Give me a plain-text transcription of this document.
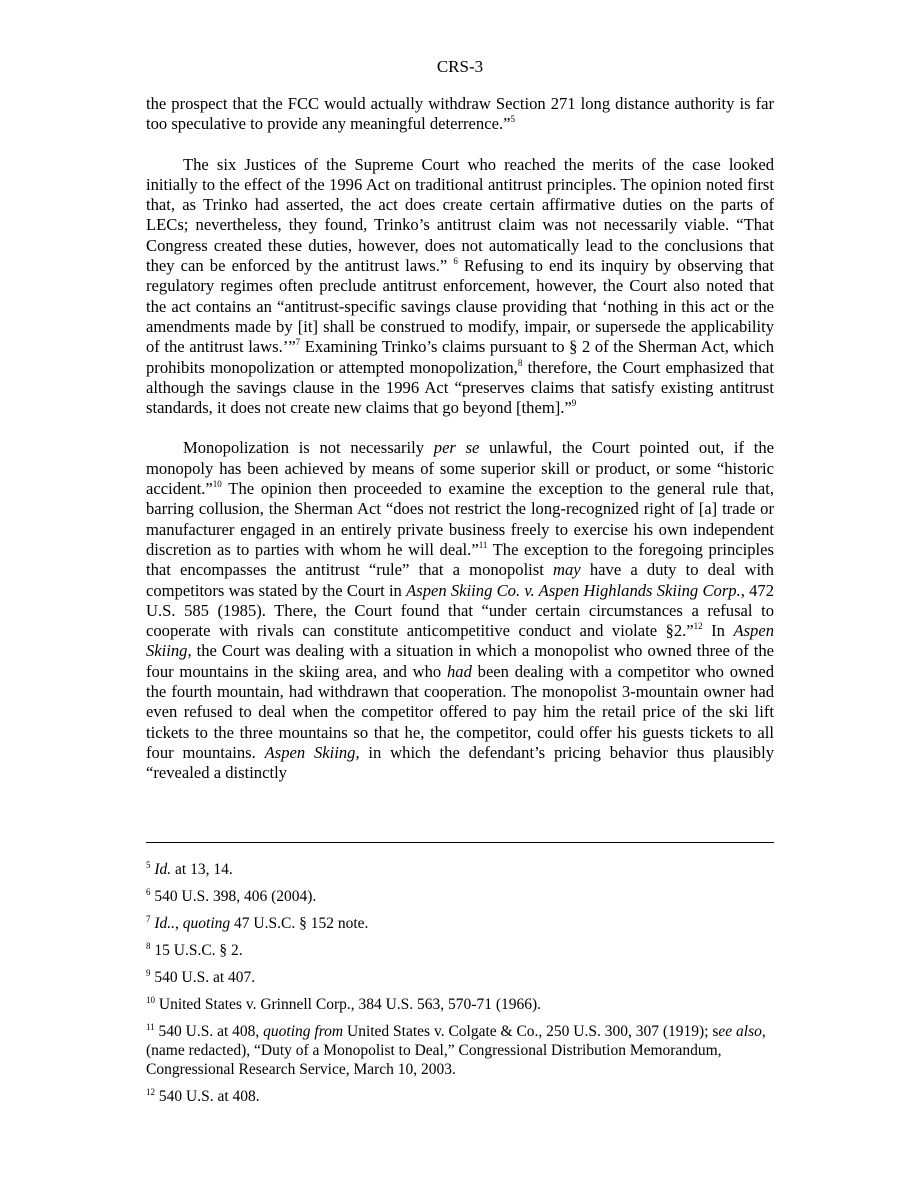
CRS-3

the prospect that the FCC would actually withdraw Section 271 long distance authority is far too speculative to provide any meaningful deterrence.”$^5$

The six Justices of the Supreme Court who reached the merits of the case looked initially to the effect of the 1996 Act on traditional antitrust principles. The opinion noted first that, as Trinko had asserted, the act does create certain affirmative duties on the parts of LECs; nevertheless, they found, Trinko’s antitrust claim was not necessarily viable. “That Congress created these duties, however, does not automatically lead to the conclusions that they can be enforced by the antitrust laws.” $^6$ Refusing to end its inquiry by observing that regulatory regimes often preclude antitrust enforcement, however, the Court also noted that the act contains an “antitrust-specific savings clause providing that ‘nothing in this act or the amendments made by [it] shall be construed to modify, impair, or supersede the applicability of the antitrust laws.’”$^7$ Examining Trinko’s claims pursuant to § 2 of the Sherman Act, which prohibits monopolization or attempted monopolization,$^8$ therefore, the Court emphasized that although the savings clause in the 1996 Act “preserves claims that satisfy existing antitrust standards, it does not create new claims that go beyond [them].”$^9$

Monopolization is not necessarily per se unlawful, the Court pointed out, if the monopoly has been achieved by means of some superior skill or product, or some “historic accident.”$^{10}$ The opinion then proceeded to examine the exception to the general rule that, barring collusion, the Sherman Act “does not restrict the long-recognized right of [a] trade or manufacturer engaged in an entirely private business freely to exercise his own independent discretion as to parties with whom he will deal.”$^{11}$ The exception to the foregoing principles that encompasses the antitrust “rule” that a monopolist may have a duty to deal with competitors was stated by the Court in Aspen Skiing Co. v. Aspen Highlands Skiing Corp., 472 U.S. 585 (1985). There, the Court found that “under certain circumstances a refusal to cooperate with rivals can constitute anticompetitive conduct and violate §2.”$^{12}$ In Aspen Skiing, the Court was dealing with a situation in which a monopolist who owned three of the four mountains in the skiing area, and who had been dealing with a competitor who owned the fourth mountain, had withdrawn that cooperation. The monopolist 3-mountain owner had even refused to deal when the competitor offered to pay him the retail price of the ski lift tickets to the three mountains so that he, the competitor, could offer his guests tickets to all four mountains. Aspen Skiing, in which the defendant’s pricing behavior thus plausibly “revealed a distinctly

$^5$ Id. at 13, 14.

$^6$ 540 U.S. 398, 406 (2004).

$^7$ Id.., quoting 47 U.S.C. § 152 note.

$^8$ 15 U.S.C. § 2.

$^9$ 540 U.S. at 407.

$^{10}$ United States v. Grinnell Corp., 384 U.S. 563, 570-71 (1966).

$^{11}$ 540 U.S. at 408, quoting from United States v. Colgate & Co., 250 U.S. 300, 307 (1919); see also, (name redacted), “Duty of a Monopolist to Deal,” Congressional Distribution Memorandum, Congressional Research Service, March 10, 2003.

$^{12}$ 540 U.S. at 408.
